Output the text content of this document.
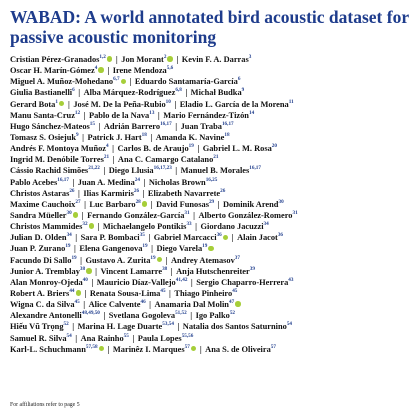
WABAD: A world annotated bird acoustic dataset for passive acoustic monitoring
Cristian Pérez-Granados$^{1,2}$ | Jon Morant$^2$ | Kevin F. A. Darras$^3$
Oscar H. Marín-Gómez$^4$ | Irene Mendoza$^{5,6}$
Miguel A. Muñoz-Mohedano$^{6,7}$ | Eduardo Santamaría-García$^6$
Giulia Bastianelli$^6$ | Alba Márquez-Rodríguez$^{6,8}$ | Michał Budka$^9$
Gerard Bota$^1$ | José M. De la Peña-Rubio$^{10}$ | Eladio L. García de la Morena$^{11}$
Manu Santa-Cruz$^{12}$ | Pablo de la Nava$^{13}$ | Mario Fernández-Tizón$^{14}$
Hugo Sánchez-Mateos$^{15}$ | Adrián Barrero$^{16,17}$ | Juan Traba$^{16,17}$
Tomasz S. Osiejuk$^9$ | Patrick J. Hart$^{18}$ | Amanda K. Navine$^{18}$
Andrés F. Montoya Muñoz$^4$ | Carlos B. de Araujo$^{19}$ | Gabriel L. M. Rosa$^{20}$
Ingrid M. Denóbile Torres$^{21}$ | Ana C. Camargo Catalano$^{21}$
Cássio Rachid Simões$^{21,22}$ | Diego Llusia$^{16,17,23}$ | Manuel B. Morales$^{16,17}$
Pablo Acebes$^{16,17}$ | Juan A. Medina$^{24}$ | Nicholas Brown$^{16,25}$
Christos Astaras$^{26}$ | Ilias Karmiris$^{26}$ | Elizabeth Navarrete$^{26}$
Maxime Cauchoix$^{27}$ | Luc Barbaro$^{28}$ | David Funosas$^{29}$ | Dominik Arend$^{30}$
Sandra Müeller$^{30}$ | Fernando González-García$^{31}$ | Alberto González-Romero$^{31}$
Christos Mammides$^{32}$ | Michaelangelo Pontikis$^{33}$ | Giordano Jacuzzi$^{34}$
Julian D. Olden$^{34}$ | Sara P. Bombaci$^{35}$ | Gabriel Marcacci$^{36}$ | Alain Jacot$^{36}$
Juan P. Zurano$^{19}$ | Elena Gangenova$^{19}$ | Diego Varela$^{19}$
Facundo Di Sallo$^{19}$ | Gustavo A. Zurita$^{19}$ | Andrey Atemasov$^{37}$
Junior A. Tremblay$^{38}$ | Vincent Lamarre$^{38}$ | Anja Hutschenreiter$^{39}$
Alan Monroy-Ojeda$^{40}$ | Mauricio Díaz-Vallejo$^{41,42}$ | Sergio Chaparro-Herrera$^{43}$
Robert A. Briers$^{44}$ | Renata Sousa-Lima$^{45}$ | Thiago Pinheiro$^{45}$
Wigna C. da Silva$^{45}$ | Alice Calvente$^{46}$ | Anamaria Dal Molin$^{47}$
Alexandre Antonelli$^{48,49,50}$ | Svetlana Gogoleva$^{51,52}$ | Igo Palko$^{52}$
Hiếu Vũ Trọng$^{52}$ | Marina H. Lage Duarte$^{53,54}$ | Natalia dos Santos Saturnino$^{54}$
Samuel R. Silva$^{54}$ | Ana Rainho$^{55}$ | Paula Lopes$^{55,56}$
Karl-L. Schuchmann$^{57,58}$ | Marinêz I. Marques$^{57}$ | Ana S. de Oliveira$^{57}$
For affiliations refer to page 5
